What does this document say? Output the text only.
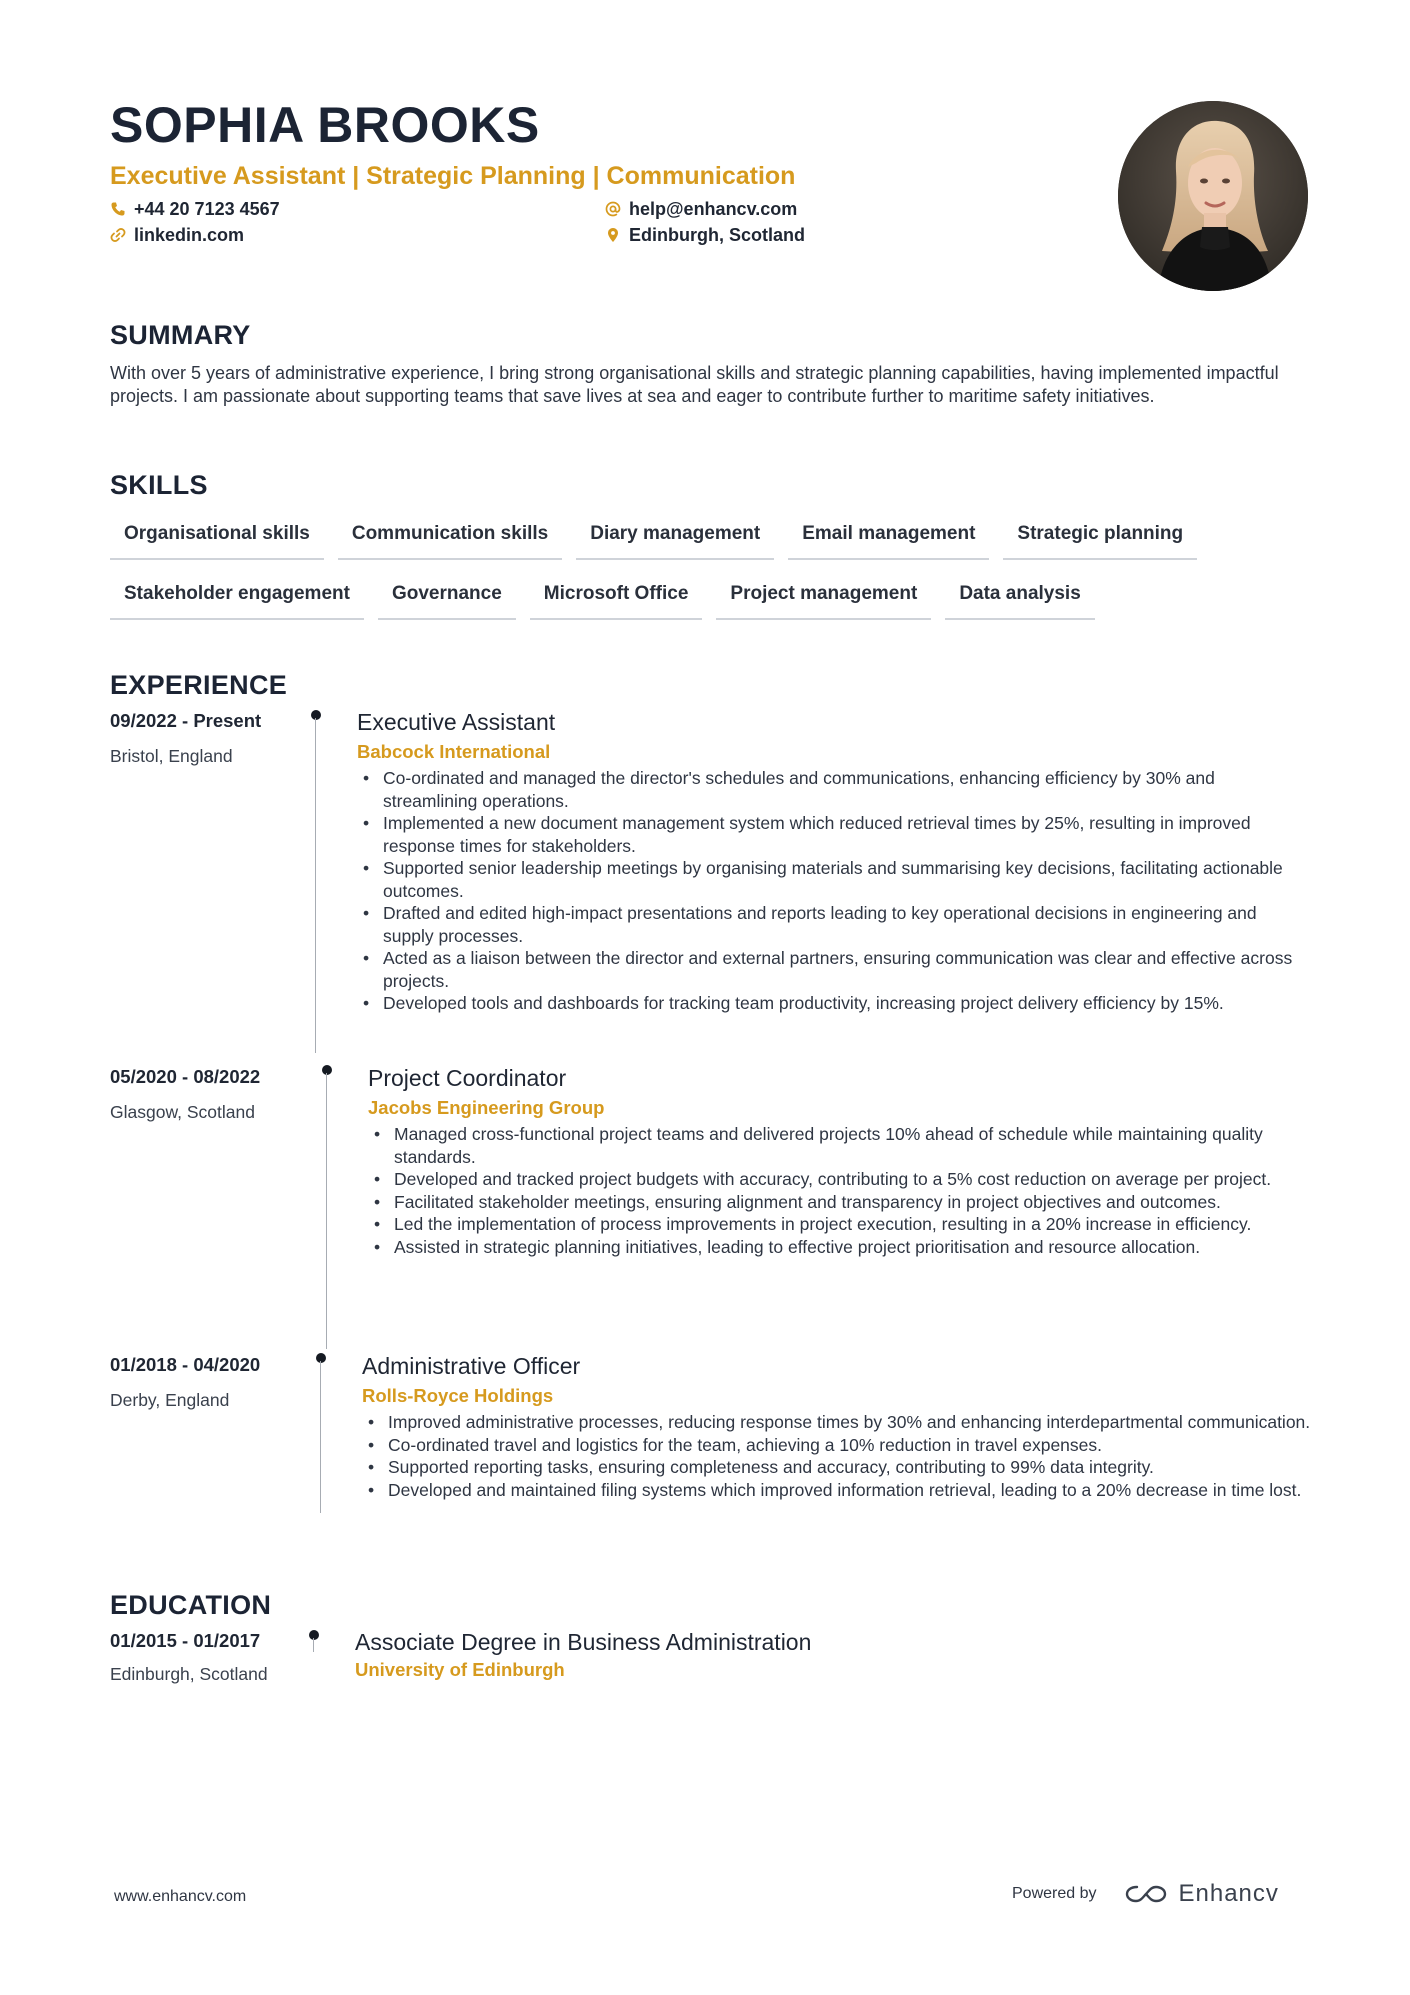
SOPHIA BROOKS
Executive Assistant | Strategic Planning | Communication
+44 20 7123 4567
linkedin.com
help@enhancv.com
Edinburgh, Scotland
SUMMARY

With over 5 years of administrative experience, I bring strong organisational skills and strategic planning capabilities, having implemented impactful projects. I am passionate about supporting teams that save lives at sea and eager to contribute further to maritime safety initiatives.

SKILLS
Organisational skills	Communication skills	Diary management	Email management	Strategic planning
Stakeholder engagement	Governance	Microsoft Office	Project management	Data analysis
EXPERIENCE
09/2022 - Present
Bristol, England
Executive Assistant
Babcock International
• Co-ordinated and managed the director's schedules and communications, enhancing efficiency by 30% and streamlining operations.
• Implemented a new document management system which reduced retrieval times by 25%, resulting in improved response times for stakeholders.
• Supported senior leadership meetings by organising materials and summarising key decisions, facilitating actionable outcomes.
• Drafted and edited high-impact presentations and reports leading to key operational decisions in engineering and supply processes.
• Acted as a liaison between the director and external partners, ensuring communication was clear and effective across projects.
• Developed tools and dashboards for tracking team productivity, increasing project delivery efficiency by 15%.
05/2020 - 08/2022
Glasgow, Scotland
Project Coordinator
Jacobs Engineering Group
• Managed cross-functional project teams and delivered projects 10% ahead of schedule while maintaining quality standards.
• Developed and tracked project budgets with accuracy, contributing to a 5% cost reduction on average per project.
• Facilitated stakeholder meetings, ensuring alignment and transparency in project objectives and outcomes.
• Led the implementation of process improvements in project execution, resulting in a 20% increase in efficiency.
• Assisted in strategic planning initiatives, leading to effective project prioritisation and resource allocation.
01/2018 - 04/2020
Derby, England
Administrative Officer
Rolls-Royce Holdings
• Improved administrative processes, reducing response times by 30% and enhancing interdepartmental communication.
• Co-ordinated travel and logistics for the team, achieving a 10% reduction in travel expenses.
• Supported reporting tasks, ensuring completeness and accuracy, contributing to 99% data integrity.
• Developed and maintained filing systems which improved information retrieval, leading to a 20% decrease in time lost.
EDUCATION
01/2015 - 01/2017
Edinburgh, Scotland
Associate Degree in Business Administration
University of Edinburgh
www.enhancv.com	Powered by	Enhancv
